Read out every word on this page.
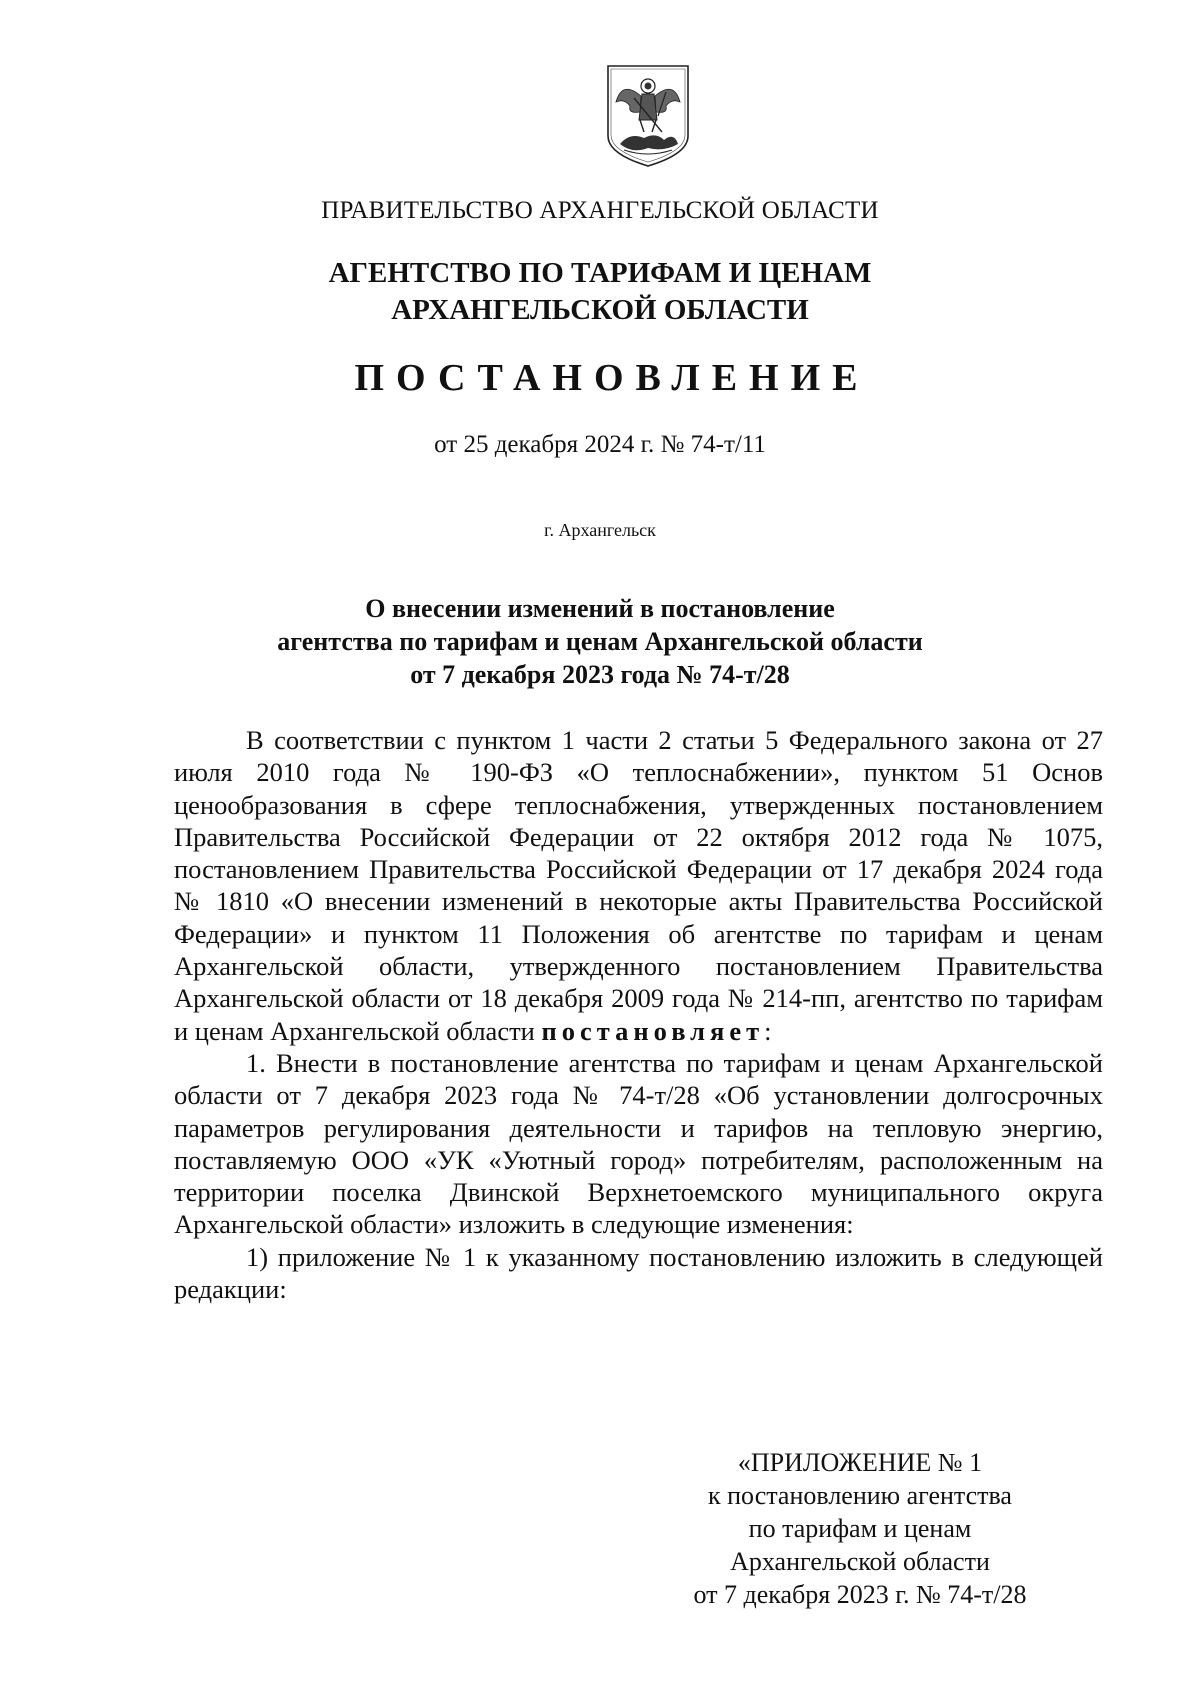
ПРАВИТЕЛЬСТВО АРХАНГЕЛЬСКОЙ ОБЛАСТИ
АГЕНТСТВО ПО ТАРИФАМ И ЦЕНАМ
АРХАНГЕЛЬСКОЙ ОБЛАСТИ
ПОСТАНОВЛЕНИЕ
от 25 декабря 2024 г. № 74-т/11
г. Архангельск
О внесении изменений в постановление
агентства по тарифам и ценам Архангельской области
от 7 декабря 2023 года № 74-т/28

В соответствии с пунктом 1 части 2 статьи 5 Федерального закона от 27 июля 2010 года № 190-ФЗ «О теплоснабжении», пунктом 51 Основ ценообразования в сфере теплоснабжения, утвержденных постановлением Правительства Российской Федерации от 22 октября 2012 года № 1075, постановлением Правительства Российской Федерации от 17 декабря 2024 года № 1810 «О внесении изменений в некоторые акты Правительства Российской Федерации» и пунктом 11 Положения об агентстве по тарифам и ценам Архангельской области, утвержденного постановлением Правительства Архангельской области от 18 декабря 2009 года № 214-пп, агентство по тарифам и ценам Архангельской области постановляет:

1. Внести в постановление агентства по тарифам и ценам Архангельской области от 7 декабря 2023 года № 74-т/28 «Об установлении долгосрочных параметров регулирования деятельности и тарифов на тепловую энергию, поставляемую ООО «УК «Уютный город» потребителям, расположенным на территории поселка Двинской Верхнетоемского муниципального округа Архангельской области» изложить в следующие изменения:

1) приложение № 1 к указанному постановлению изложить в следующей редакции:

«ПРИЛОЖЕНИЕ № 1
к постановлению агентства
по тарифам и ценам
Архангельской области
от 7 декабря 2023 г. № 74-т/28
